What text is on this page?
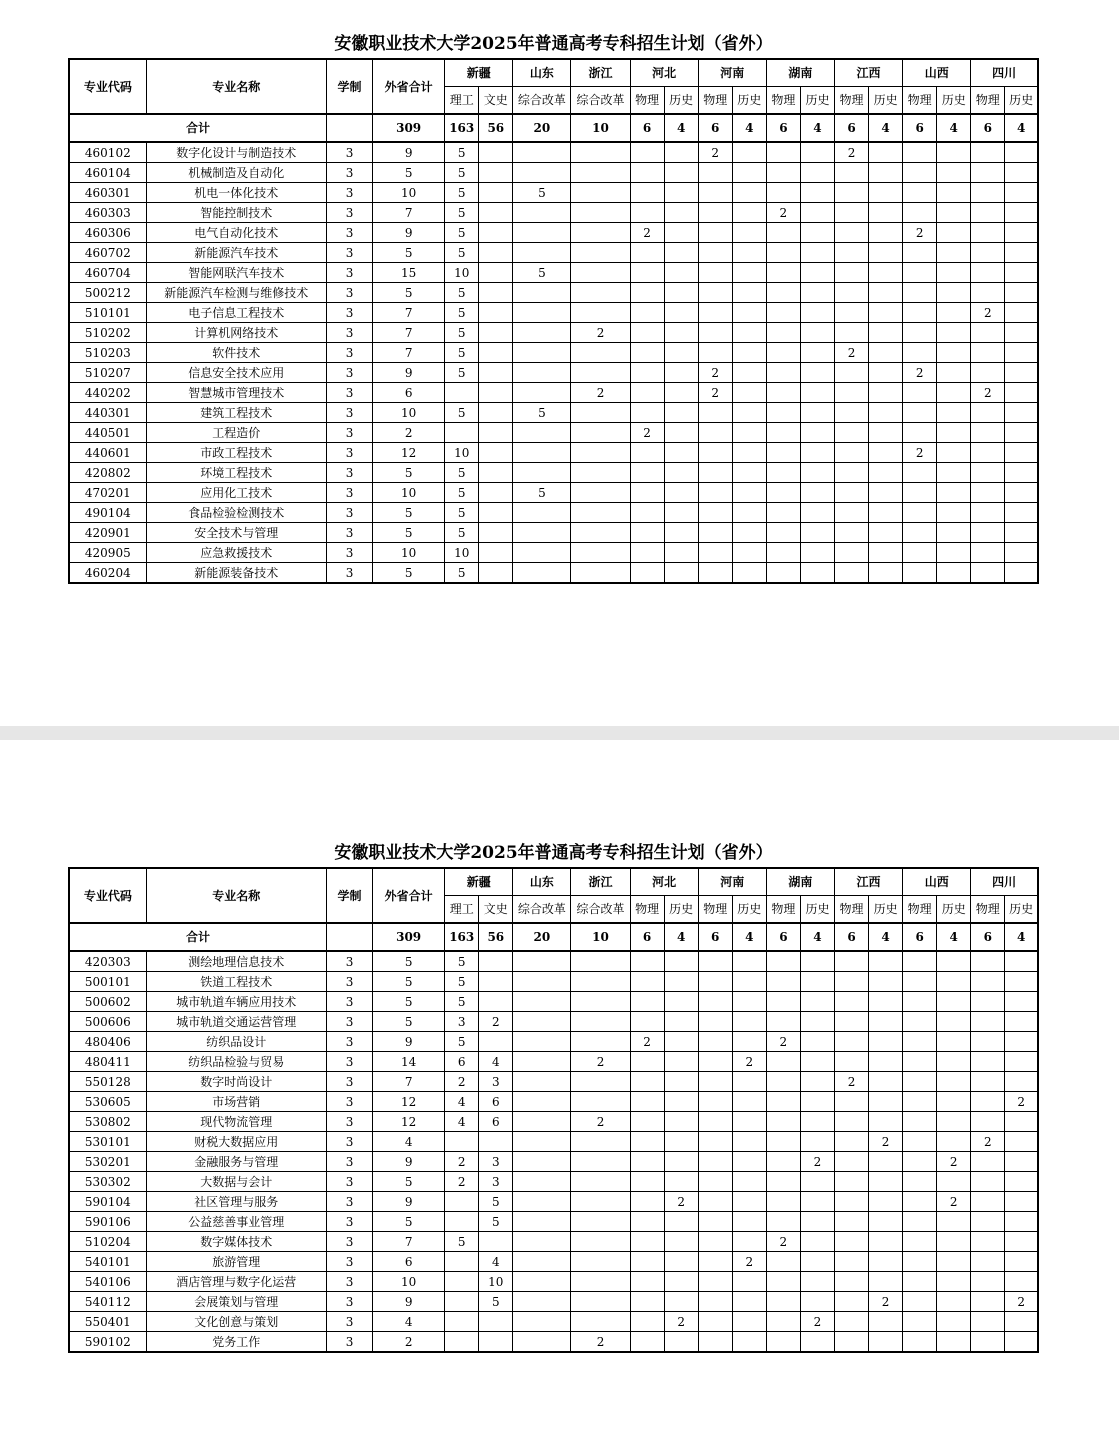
安徽职业技术大学2025年普通高考专科招生计划（省外）
专业代码	专业名称	学制	外省合计	新疆		山东	浙江	河北		河南		湖南		江西		山西		四川	
				理工	文史	综合改革	综合改革	物理	历史	物理	历史	物理	历史	物理	历史	物理	历史	物理	历史
合计			309	163	56	20	10	6	4	6	4	6	4	6	4	6	4	6	4
460102	数字化设计与制造技术	3	9	5						2				2					
460104	机械制造及自动化	3	5	5															
460301	机电一体化技术	3	10	5		5													
460303	智能控制技术	3	7	5								2							
460306	电气自动化技术	3	9	5				2								2			
460702	新能源汽车技术	3	5	5															
460704	智能网联汽车技术	3	15	10		5													
500212	新能源汽车检测与维修技术	3	5	5															
510101	电子信息工程技术	3	7	5														2	
510202	计算机网络技术	3	7	5			2												
510203	软件技术	3	7	5										2					
510207	信息安全技术应用	3	9	5						2						2			
440202	智慧城市管理技术	3	6				2			2								2	
440301	建筑工程技术	3	10	5		5													
440501	工程造价	3	2					2											
440601	市政工程技术	3	12	10												2			
420802	环境工程技术	3	5	5															
470201	应用化工技术	3	10	5		5													
490104	食品检验检测技术	3	5	5															
420901	安全技术与管理	3	5	5															
420905	应急救援技术	3	10	10															
460204	新能源装备技术	3	5	5															
安徽职业技术大学2025年普通高考专科招生计划（省外）
专业代码	专业名称	学制	外省合计	新疆		山东	浙江	河北		河南		湖南		江西		山西		四川	
				理工	文史	综合改革	综合改革	物理	历史	物理	历史	物理	历史	物理	历史	物理	历史	物理	历史
合计			309	163	56	20	10	6	4	6	4	6	4	6	4	6	4	6	4
420303	测绘地理信息技术	3	5	5															
500101	铁道工程技术	3	5	5															
500602	城市轨道车辆应用技术	3	5	5															
500606	城市轨道交通运营管理	3	5	3	2														
480406	纺织品设计	3	9	5				2				2							
480411	纺织品检验与贸易	3	14	6	4		2				2								
550128	数字时尚设计	3	7	2	3									2					
530605	市场营销	3	12	4	6														2
530802	现代物流管理	3	12	4	6		2												
530101	财税大数据应用	3	4												2			2	
530201	金融服务与管理	3	9	2	3								2				2		
530302	大数据与会计	3	5	2	3														
590104	社区管理与服务	3	9		5				2								2		
590106	公益慈善事业管理	3	5		5														
510204	数字媒体技术	3	7	5								2							
540101	旅游管理	3	6		4						2								
540106	酒店管理与数字化运营	3	10		10														
540112	会展策划与管理	3	9		5										2				2
550401	文化创意与策划	3	4						2				2						
590102	党务工作	3	2				2												
